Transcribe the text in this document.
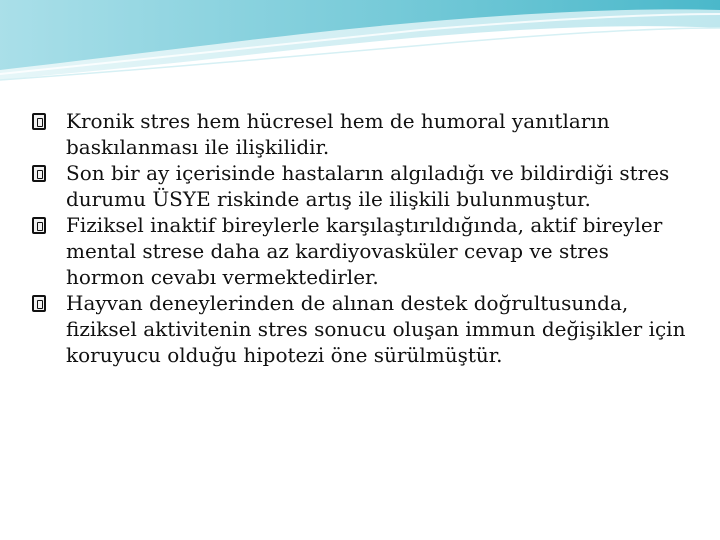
Kronik stres hem hücresel hem de humoral yanıtların baskılanması ile ilişkilidir.

Son bir ay içerisinde hastaların algıladığı ve bildirdiği stres durumu ÜSYE riskinde artış ile ilişkili bulunmuştur.

Fiziksel inaktif bireylerle karşılaştırıldığında, aktif bireyler mental strese daha az kardiyovasküler cevap ve stres hormon cevabı vermektedirler.

Hayvan deneylerinden de alınan destek doğrultusunda, fiziksel aktivitenin stres sonucu oluşan immun değişikler için koruyucu olduğu hipotezi öne sürülmüştür.
